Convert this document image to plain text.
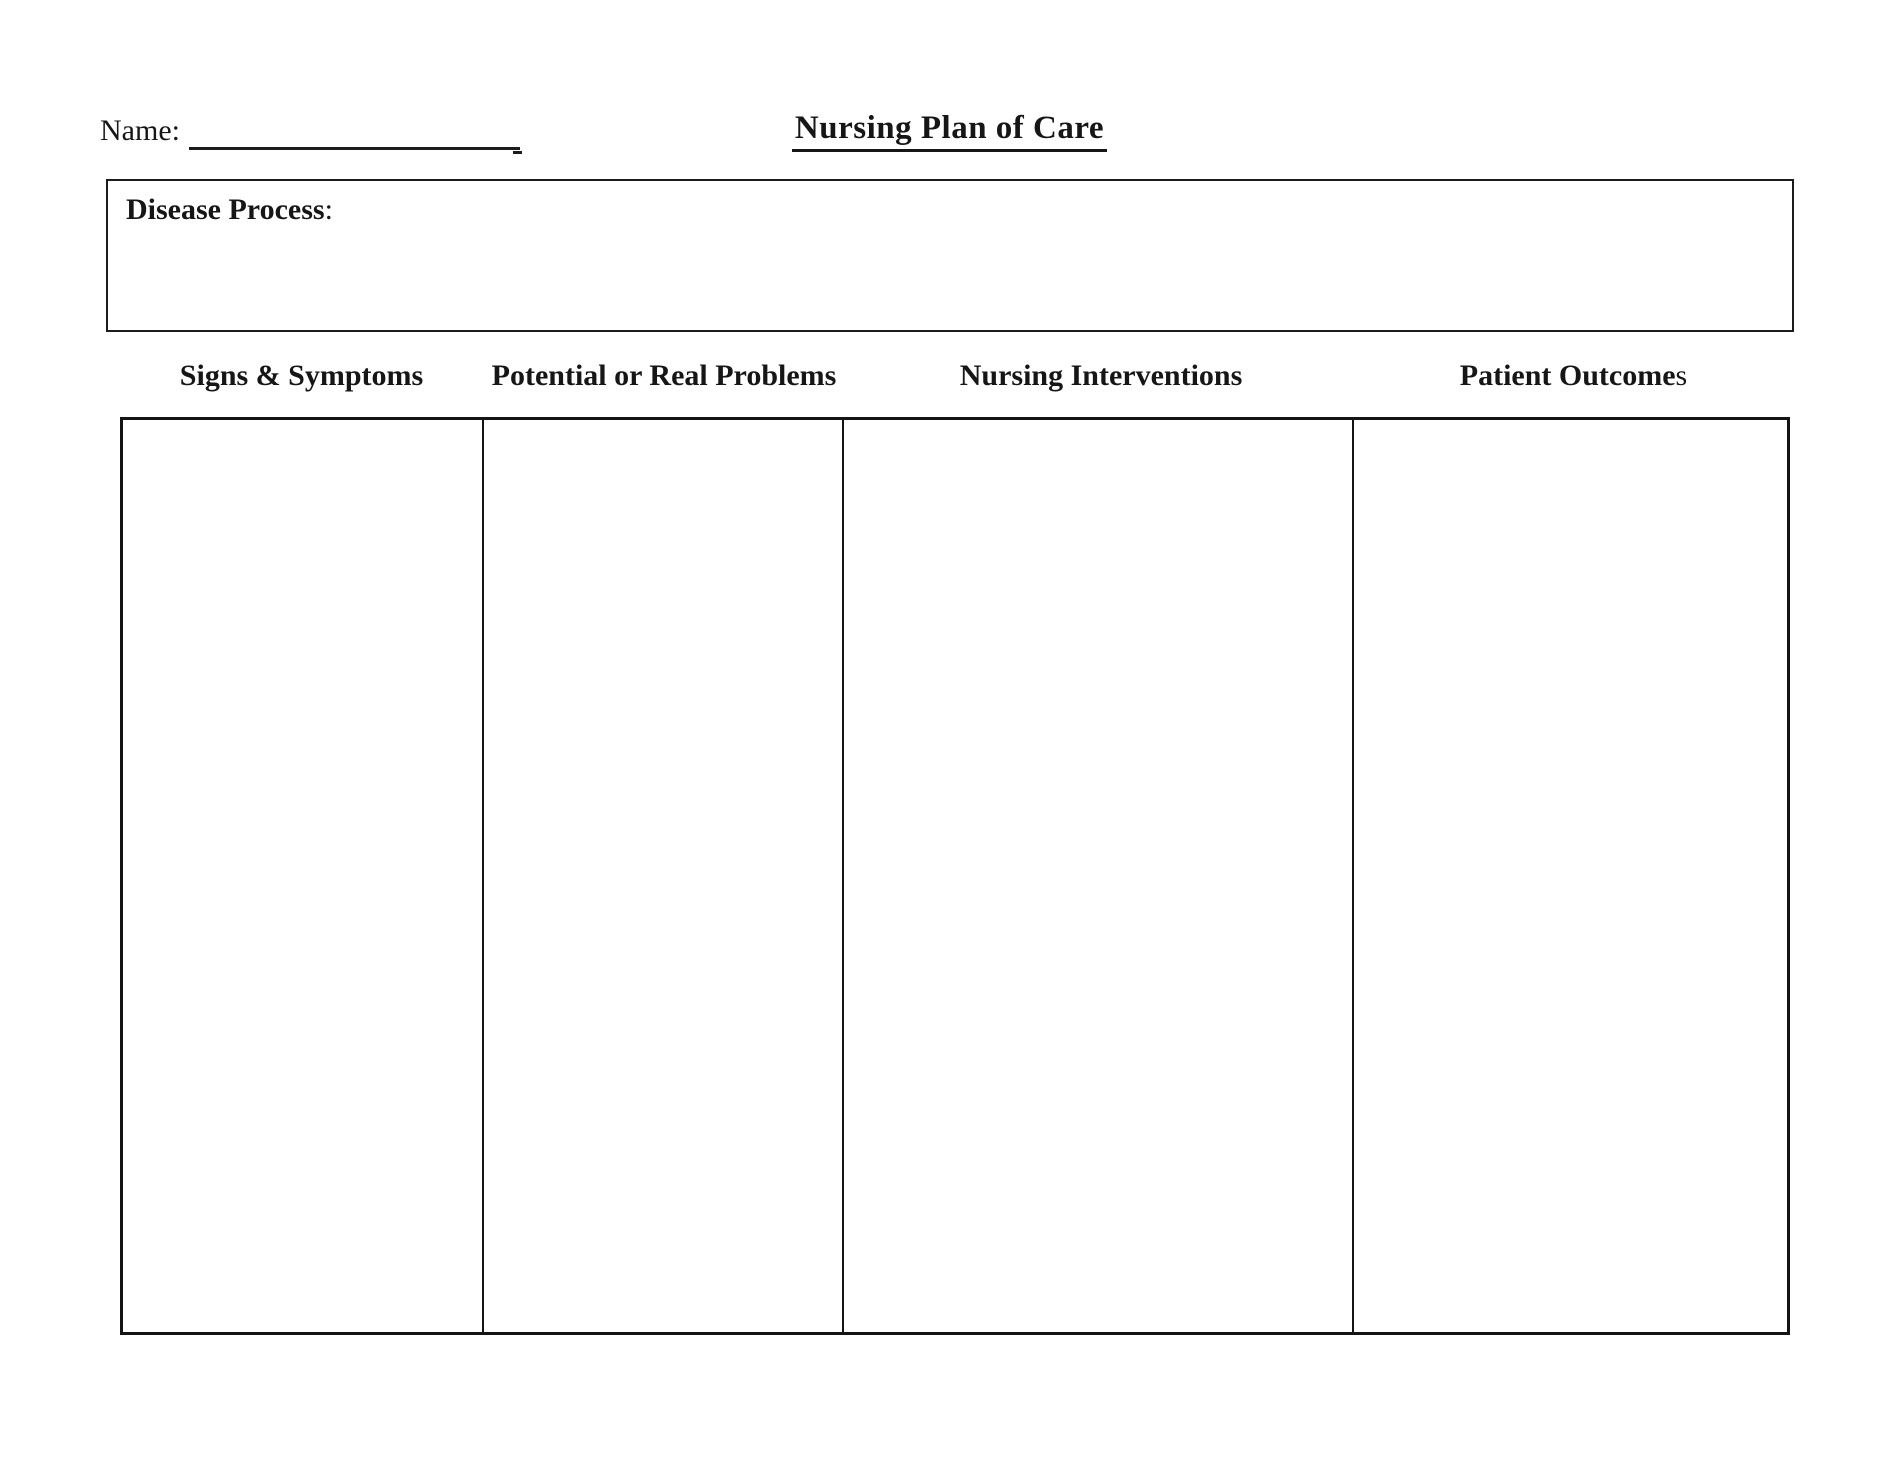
Name:	Nursing Plan of Care
Disease Process:
Signs & Symptoms	Potential or Real Problems	Nursing Interventions	Patient Outcomes
